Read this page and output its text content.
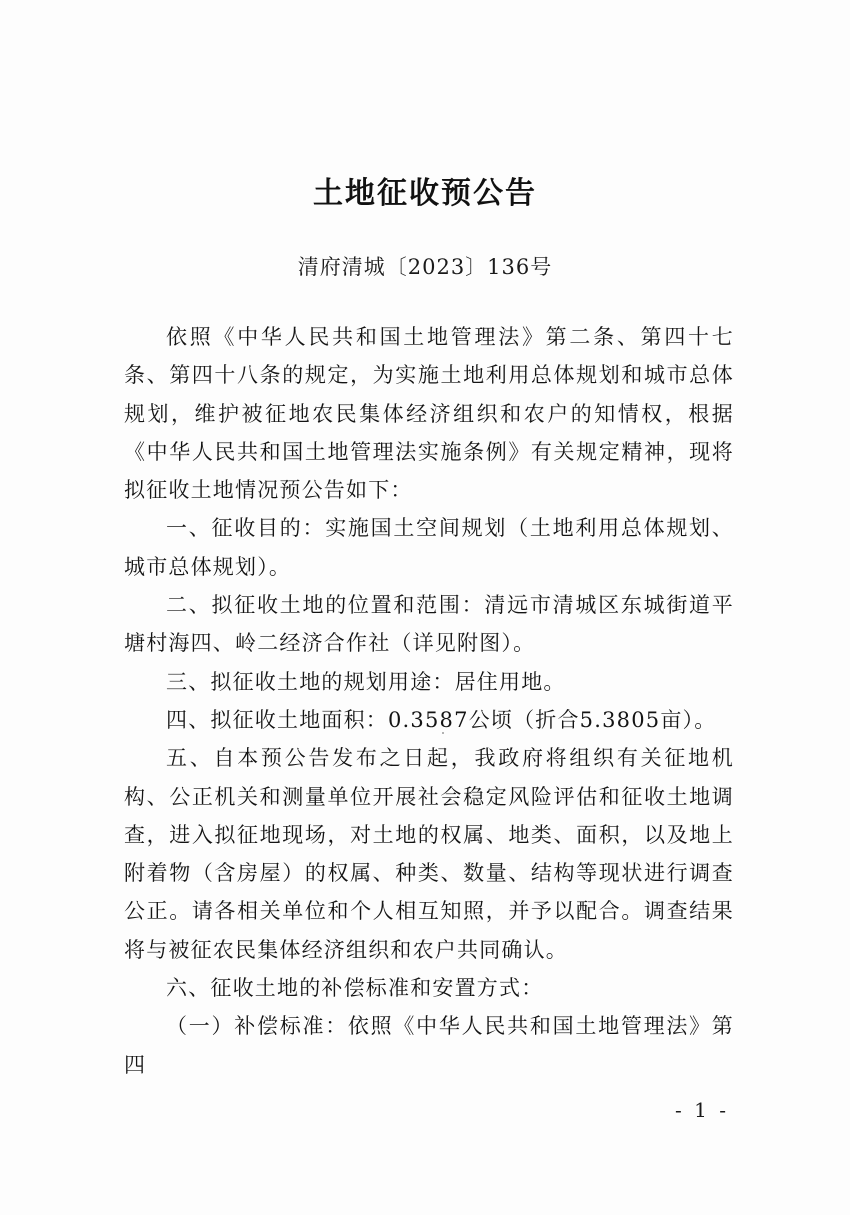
土地征收预公告
清府清城〔2023〕136号

依照《中华人民共和国土地管理法》第二条、第四十七条、第四十八条的规定，为实施土地利用总体规划和城市总体规划，维护被征地农民集体经济组织和农户的知情权，根据《中华人民共和国土地管理法实施条例》有关规定精神，现将拟征收土地情况预公告如下：

一、征收目的：实施国土空间规划（土地利用总体规划、城市总体规划）。

二、拟征收土地的位置和范围：清远市清城区东城街道平塘村海四、岭二经济合作社（详见附图）。

三、拟征收土地的规划用途：居住用地。

四、拟征收土地面积：0.3587公顷（折合5.3805亩）。

五、自本预公告发布之日起，我政府将组织有关征地机构、公正机关和测量单位开展社会稳定风险评估和征收土地调查，进入拟征地现场，对土地的权属、地类、面积，以及地上附着物（含房屋）的权属、种类、数量、结构等现状进行调查公正。请各相关单位和个人相互知照，并予以配合。调查结果将与被征农民集体经济组织和农户共同确认。

六、征收土地的补偿标准和安置方式：

（一）补偿标准：依照《中华人民共和国土地管理法》第四

- 1 -
